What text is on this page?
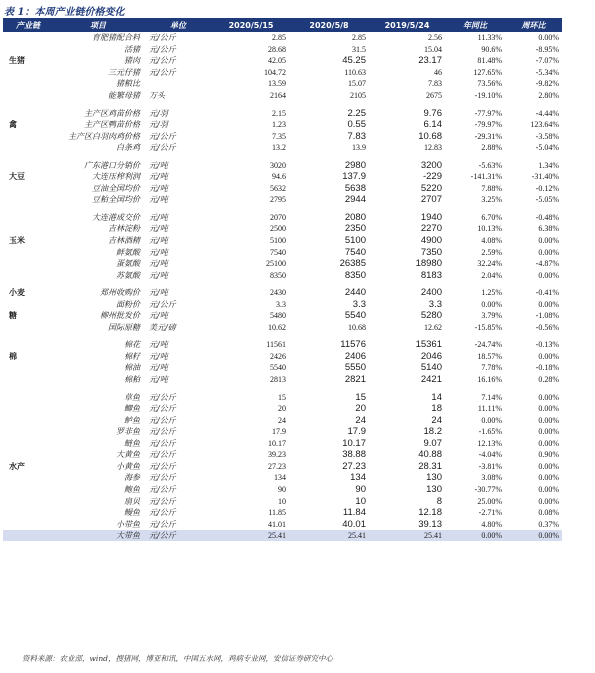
表 1：本周产业链价格变化
产业链	项目	单位	2020/5/15	2020/5/8	2019/5/24	年同比	周环比
	育肥猪配合料	元/公斤	2.85	2.85	2.56	11.33%	0.00%
	活猪	元/公斤	28.68	31.5	15.04	90.6%	-8.95%
生猪	猪肉	元/公斤	42.05	45.25	23.17	81.48%	-7.07%
	三元仔猪	元/公斤	104.72	110.63	46	127.65%	-5.34%
	猪粮比		13.59	15.07	7.83	73.56%	-9.82%
	能繁母猪	万头	2164	2105	2675	-19.10%	2.80%

	主产区鸡苗价格	元/羽	2.15	2.25	9.76	-77.97%	-4.44%
禽	主产区鸭苗价格	元/羽	1.23	0.55	6.14	-79.97%	123.64%
	主产区白羽肉鸡价格	元/公斤	7.35	7.83	10.68	-29.31%	-3.58%
	白条鸡	元/公斤	13.2	13.9	12.83	2.88%	-5.04%

	广东港口分销价	元/吨	3020	2980	3200	-5.63%	1.34%
大豆	大连压榨利润	元/吨	94.6	137.9	-229	-141.31%	-31.40%
	豆油全国均价	元/吨	5632	5638	5220	7.88%	-0.12%
	豆粕全国均价	元/吨	2795	2944	2707	3.25%	-5.05%

	大连港成交价	元/吨	2070	2080	1940	6.70%	-0.48%
	吉林淀粉	元/吨	2500	2350	2270	10.13%	6.38%
玉米	吉林酒精	元/吨	5100	5100	4900	4.08%	0.00%
	鲜氨酸	元/吨	7540	7540	7350	2.59%	0.00%
	蛋氨酸	元/吨	25100	26385	18980	32.24%	-4.87%
	苏氨酸	元/吨	8350	8350	8183	2.04%	0.00%

小麦	郑州收购价	元/吨	2430	2440	2400	1.25%	-0.41%
	面粉价	元/公斤	3.3	3.3	3.3	0.00%	0.00%
糖	柳州批发价	元/吨	5480	5540	5280	3.79%	-1.08%
	国际原糖	美元/磅	10.62	10.68	12.62	-15.85%	-0.56%

	棉花	元/吨	11561	11576	15361	-24.74%	-0.13%
棉	棉籽	元/吨	2426	2406	2046	18.57%	0.00%
	棉油	元/吨	5540	5550	5140	7.78%	-0.18%
	棉粕	元/吨	2813	2821	2421	16.16%	0.28%

	草鱼	元/公斤	15	15	14	7.14%	0.00%
	鲫鱼	元/公斤	20	20	18	11.11%	0.00%
	鲈鱼	元/公斤	24	24	24	0.00%	0.00%
	罗非鱼	元/公斤	17.9	17.9	18.2	-1.65%	0.00%
	鲢鱼	元/公斤	10.17	10.17	9.07	12.13%	0.00%
	大黄鱼	元/公斤	39.23	38.88	40.88	-4.04%	0.90%
水产	小黄鱼	元/公斤	27.23	27.23	28.31	-3.81%	0.00%
	海参	元/公斤	134	134	130	3.08%	0.00%
	鲍鱼	元/公斤	90	90	130	-30.77%	0.00%
	扇贝	元/公斤	10	10	8	25.00%	0.00%
	鳗鱼	元/公斤	11.85	11.84	12.18	-2.71%	0.08%
	小带鱼	元/公斤	41.01	40.01	39.13	4.80%	0.37%
	大带鱼	元/公斤	25.41	25.41	25.41	0.00%	0.00%
资料来源：农业部，wind，搜猪网，博亚和讯，中国五水网，鸡病专业网，安信证券研究中心
